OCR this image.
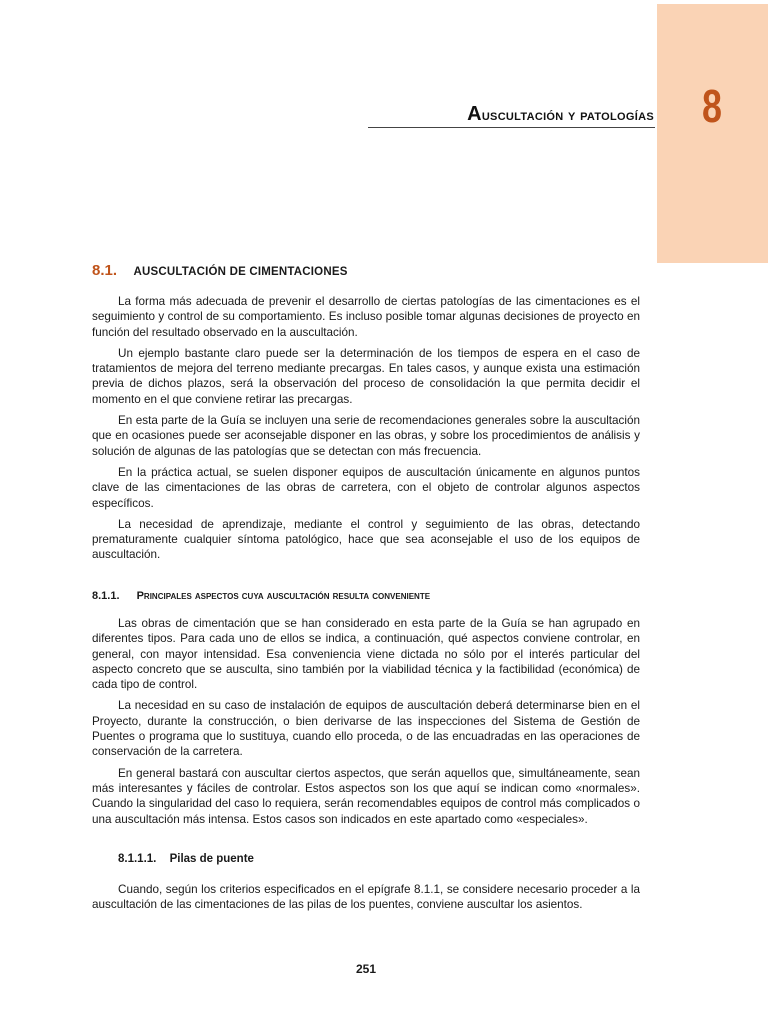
8
Auscultación y patologías
8.1. AUSCULTACIÓN DE CIMENTACIONES

La forma más adecuada de prevenir el desarrollo de ciertas patologías de las cimentaciones es el seguimiento y control de su comportamiento. Es incluso posible tomar algunas decisiones de proyecto en función del resultado observado en la auscultación.

Un ejemplo bastante claro puede ser la determinación de los tiempos de espera en el caso de tratamientos de mejora del terreno mediante precargas. En tales casos, y aunque exista una estimación previa de dichos plazos, será la observación del proceso de consolidación la que permita decidir el momento en el que conviene retirar las precargas.

En esta parte de la Guía se incluyen una serie de recomendaciones generales sobre la auscultación que en ocasiones puede ser aconsejable disponer en las obras, y sobre los procedimientos de análisis y solución de algunas de las patologías que se detectan con más frecuencia.

En la práctica actual, se suelen disponer equipos de auscultación únicamente en algunos puntos clave de las cimentaciones de las obras de carretera, con el objeto de controlar algunos aspectos específicos.

La necesidad de aprendizaje, mediante el control y seguimiento de las obras, detectando prematuramente cualquier síntoma patológico, hace que sea aconsejable el uso de los equipos de auscultación.

8.1.1. Principales aspectos cuya auscultación resulta conveniente

Las obras de cimentación que se han considerado en esta parte de la Guía se han agrupado en diferentes tipos. Para cada uno de ellos se indica, a continuación, qué aspectos conviene controlar, en general, con mayor intensidad. Esa conveniencia viene dictada no sólo por el interés particular del aspecto concreto que se ausculta, sino también por la viabilidad técnica y la factibilidad (económica) de cada tipo de control.

La necesidad en su caso de instalación de equipos de auscultación deberá determinarse bien en el Proyecto, durante la construcción, o bien derivarse de las inspecciones del Sistema de Gestión de Puentes o programa que lo sustituya, cuando ello proceda, o de las encuadradas en las operaciones de conservación de la carretera.

En general bastará con auscultar ciertos aspectos, que serán aquellos que, simultáneamente, sean más interesantes y fáciles de controlar. Estos aspectos son los que aquí se indican como «normales». Cuando la singularidad del caso lo requiera, serán recomendables equipos de control más complicados o una auscultación más intensa. Estos casos son indicados en este apartado como «especiales».

8.1.1.1. Pilas de puente

Cuando, según los criterios especificados en el epígrafe 8.1.1, se considere necesario proceder a la auscultación de las cimentaciones de las pilas de los puentes, conviene auscultar los asientos.

251
